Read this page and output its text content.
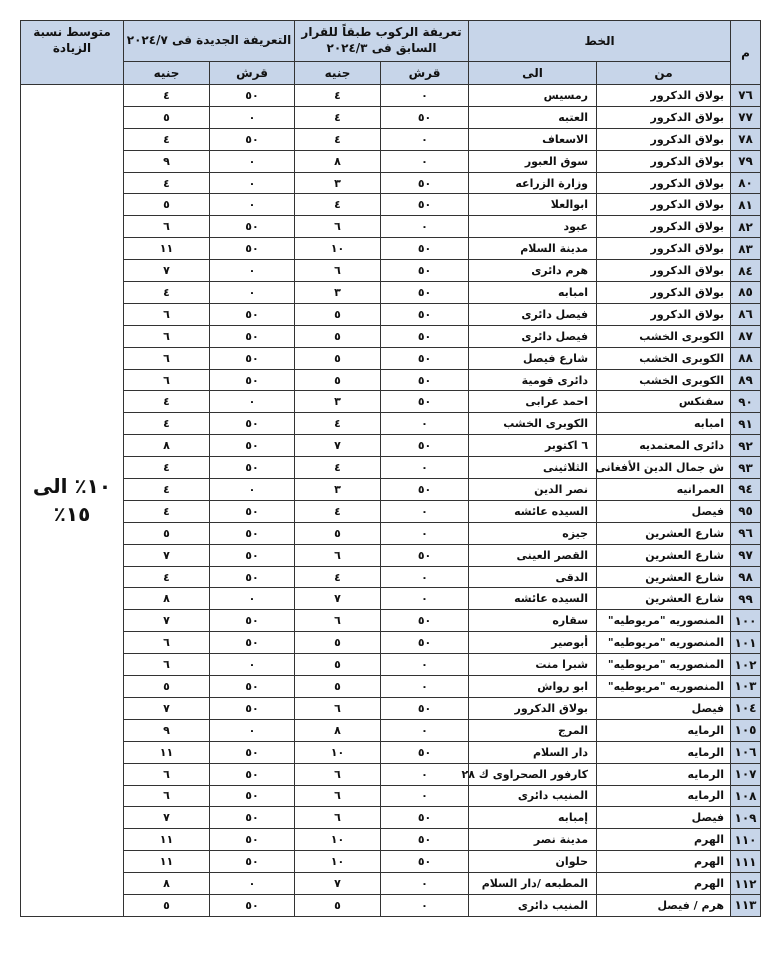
م	الخط		تعريفة الركوب طبقاً للقرار السابق فى ٢٠٢٤/٣		التعريفة الجديدة فى ٢٠٢٤/٧		متوسط نسبة الزيادة
	من	الى	قرش	جنيه	قرش	جنيه	
٧٦	بولاق الدكرور	رمسيس	٠	٤	٥٠	٤	١٠٪ الى ١٥٪
٧٧	بولاق الدكرور	العتبه	٥٠	٤	٠	٥	
٧٨	بولاق الدكرور	الاسعاف	٠	٤	٥٠	٤	
٧٩	بولاق الدكرور	سوق العبور	٠	٨	٠	٩	
٨٠	بولاق الدكرور	وزارة الزراعه	٥٠	٣	٠	٤	
٨١	بولاق الدكرور	ابوالعلا	٥٠	٤	٠	٥	
٨٢	بولاق الدكرور	عبود	٠	٦	٥٠	٦	
٨٣	بولاق الدكرور	مدينة السلام	٥٠	١٠	٥٠	١١	
٨٤	بولاق الدكرور	هرم دائرى	٥٠	٦	٠	٧	
٨٥	بولاق الدكرور	امبابه	٥٠	٣	٠	٤	
٨٦	بولاق الدكرور	فيصل دائرى	٥٠	٥	٥٠	٦	
٨٧	الكوبرى الخشب	فيصل دائرى	٥٠	٥	٥٠	٦	
٨٨	الكوبرى الخشب	شارع فيصل	٥٠	٥	٥٠	٦	
٨٩	الكوبرى الخشب	دائرى قومية	٥٠	٥	٥٠	٦	
٩٠	سفنكس	احمد عرابى	٥٠	٣	٠	٤	
٩١	امبابه	الكوبرى الخشب	٠	٤	٥٠	٤	
٩٢	دائرى المعتمديه	٦ اكتوبر	٥٠	٧	٥٠	٨	
٩٣	ش جمال الدين الأفغانى	الثلاثينى	٠	٤	٥٠	٤	
٩٤	العمرانيه	نصر الدين	٥٠	٣	٠	٤	
٩٥	فيصل	السيده عائشه	٠	٤	٥٠	٤	
٩٦	شارع العشرين	جيزه	٠	٥	٥٠	٥	
٩٧	شارع العشرين	القصر العينى	٥٠	٦	٥٠	٧	
٩٨	شارع العشرين	الدقى	٠	٤	٥٠	٤	
٩٩	شارع العشرين	السيده عائشه	٠	٧	٠	٨	
١٠٠	المنصوريه "مريوطيه"	سقاره	٥٠	٦	٥٠	٧	
١٠١	المنصوريه "مريوطيه"	أبوصير	٥٠	٥	٥٠	٦	
١٠٢	المنصوريه "مريوطيه"	شبرا منت	٠	٥	٠	٦	
١٠٣	المنصوريه "مريوطيه"	ابو رواش	٠	٥	٥٠	٥	
١٠٤	فيصل	بولاق الدكرور	٥٠	٦	٥٠	٧	
١٠٥	الرمايه	المرج	٠	٨	٠	٩	
١٠٦	الرمايه	دار السلام	٥٠	١٠	٥٠	١١	
١٠٧	الرمايه	كارفور الصحراوى ك ٢٨	٠	٦	٥٠	٦	
١٠٨	الرمايه	المنيب دائرى	٠	٦	٥٠	٦	
١٠٩	فيصل	إمبابه	٥٠	٦	٥٠	٧	
١١٠	الهرم	مدينة نصر	٥٠	١٠	٥٠	١١	
١١١	الهرم	حلوان	٥٠	١٠	٥٠	١١	
١١٢	الهرم	المطبعه /دار السلام	٠	٧	٠	٨	
١١٣	هرم / فيصل	المنيب دائرى	٠	٥	٥٠	٥	
